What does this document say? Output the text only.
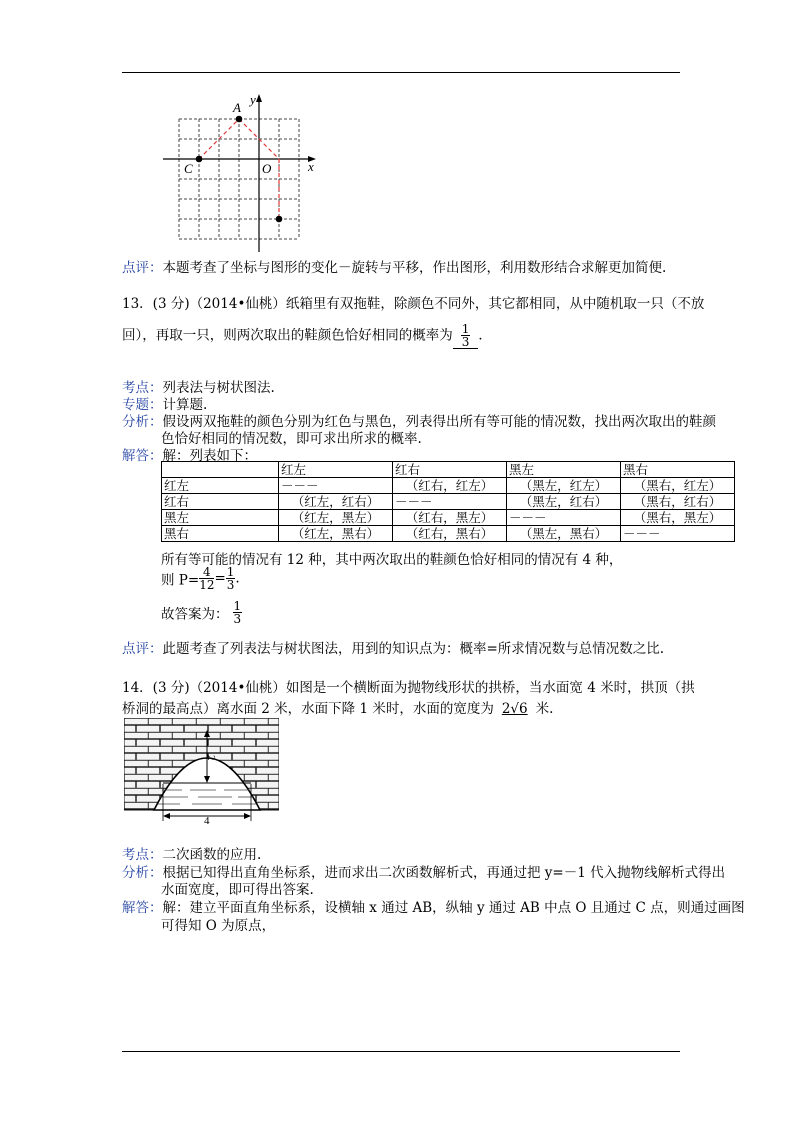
A
y
C	O	x
点评：本题考查了坐标与图形的变化－旋转与平移，作出图形，利用数形结合求解更加简便.
13．(3 分)（2014•仙桃）纸箱里有双拖鞋，除颜色不同外，其它都相同，从中随机取一只（不放
回），再取一只，则两次取出的鞋颜色恰好相同的概率为 $\frac{1}{3}$ ．
考点：列表法与树状图法.
专题：计算题.
分析：假设两双拖鞋的颜色分别为红色与黑色，列表得出所有等可能的情况数，找出两次取出的鞋颜
色恰好相同的情况数，即可求出所求的概率.
解答：解：列表如下：
	红左	红右	黑左	黑右
红左	－－－	（红右，红左）	（黑左，红左）	（黑右，红左）
红右	（红左，红右）	－－－	（黑左，红右）	（黑右，红右）
黑左	（红左，黑左）	（红右，黑左）	－－－	（黑右，黑左）
黑右	（红左，黑右）	（红右，黑右）	（黑左，黑右）	－－－
所有等可能的情况有 12 种，其中两次取出的鞋颜色恰好相同的情况有 4 种，
则 $P= \frac{4}{12} = \frac{1}{3}$ .
故答案为： $\frac{1}{3}$
点评：此题考查了列表法与树状图法，用到的知识点为：概率=所求情况数与总情况数之比.
14．(3 分)（2014•仙桃）如图是一个横断面为抛物线形状的拱桥，当水面宽 4 米时，拱顶（拱
桥洞的最高点）离水面 2 米，水面下降 1 米时，水面的宽度为 2√6 米.
2
4
考点：二次函数的应用.
分析：根据已知得出直角坐标系，进而求出二次函数解析式，再通过把 y=－1 代入抛物线解析式得出
水面宽度，即可得出答案.
解答：解：建立平面直角坐标系，设横轴 x 通过 AB，纵轴 y 通过 AB 中点 O 且通过 C 点，则通过画图
可得知 O 为原点，
